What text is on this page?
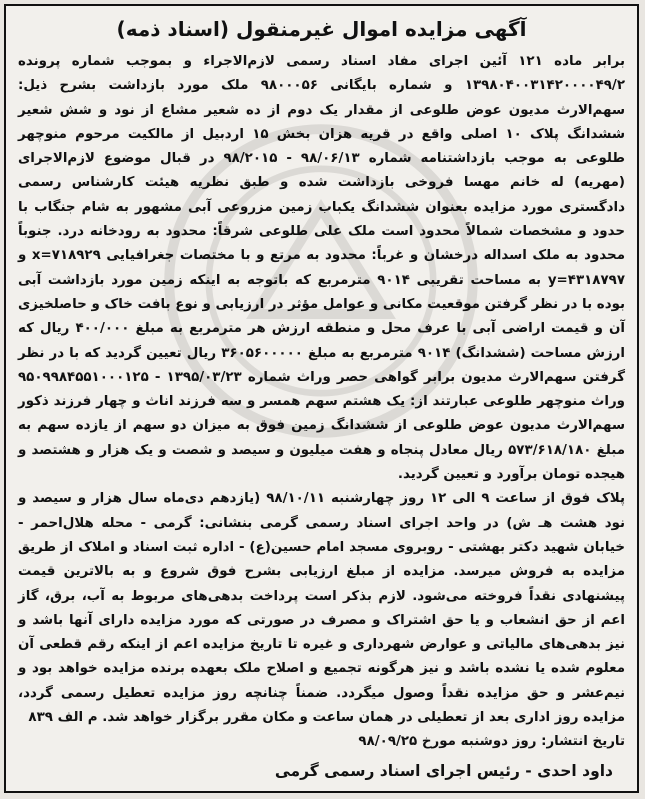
آگهی مزایده اموال غیرمنقول (اسناد ذمه)

برابر ماده ۱۲۱ آئین اجرای مفاد اسناد رسمی لازم‌الاجراء و بموجب شماره پرونده ۱۳۹۸۰۴۰۰۳۱۴۲۰۰۰۰۴۹/۲ و شماره بایگانی ۹۸۰۰۰۵۶ ملک مورد بازداشت بشرح ذیل: سهم‌الارث مدیون عوض طلوعی از مقدار یک دوم از ده شعیر مشاع از نود و شش شعیر ششدانگ پلاک ۱۰ اصلی واقع در قریه هزان بخش ۱۵ اردبیل از مالکیت مرحوم منوچهر طلوعی به موجب بازداشتنامه شماره ۹۸/۰۶/۱۳ - ۹۸/۲۰۱۵ در قبال موضوع لازم‌الاجرای (مهریه) له خانم مهسا فروخی بازداشت شده و طبق نظریه هیئت کارشناس رسمی دادگستری مورد مزایده بعنوان ششدانگ یکباب زمین مزروعی آبی مشهور به شام جنگاب با حدود و مشخصات شمالاً محدود است ملک علی طلوعی شرقاً: محدود به رودخانه درد. جنوباً محدود به ملک اسداله درخشان و غرباً: محدود به مرتع و با مختصات جغرافیایی x=۷۱۸۹۲۹ و y=۴۳۱۸۷۹۷ به مساحت تقریبی ۹۰۱۴ مترمربع که باتوجه به اینکه زمین مورد بازداشت آبی بوده با در نظر گرفتن موقعیت مکانی و عوامل مؤثر در ارزیابی و نوع بافت خاک و حاصلخیزی آن و قیمت اراضی آبی با عرف محل و منطقه ارزش هر مترمربع به مبلغ ۴۰۰/۰۰۰ ریال که ارزش مساحت (ششدانگ) ۹۰۱۴ مترمربع به مبلغ ۳۶۰۵۶۰۰۰۰۰ ریال تعیین گردید که با در نظر گرفتن سهم‌الارث مدیون برابر گواهی حصر وراث شماره ۱۳۹۵/۰۳/۲۳ - ۹۵۰۹۹۸۴۵۵۱۰۰۰۱۲۵ وراث منوچهر طلوعی عبارتند از: یک هشتم سهم همسر و سه فرزند اناث و چهار فرزند ذکور سهم‌الارث مدیون عوض طلوعی از ششدانگ زمین فوق به میزان دو سهم از یازده سهم به مبلغ ۵۷۳/۶۱۸/۱۸۰ ریال معادل پنجاه و هفت میلیون و سیصد و شصت و یک هزار و هشتصد و هیجده تومان برآورد و تعیین گردید.

پلاک فوق از ساعت ۹ الی ۱۲ روز چهارشنبه ۹۸/۱۰/۱۱ (یازدهم دی‌ماه سال هزار و سیصد و نود هشت هـ ش) در واحد اجرای اسناد رسمی گرمی بنشانی: گرمی - محله هلال‌احمر - خیابان شهید دکتر بهشتی - روبروی مسجد امام حسین(ع) - اداره ثبت اسناد و املاک از طریق مزایده به فروش میرسد. مزایده از مبلغ ارزیابی بشرح فوق شروع و به بالاترین قیمت پیشنهادی نقداً فروخته می‌شود. لازم بذکر است پرداخت بدهی‌های مربوط به آب، برق، گاز اعم از حق انشعاب و یا حق اشتراک و مصرف در صورتی که مورد مزایده دارای آنها باشد و نیز بدهی‌های مالیاتی و عوارض شهرداری و غیره تا تاریخ مزایده اعم از اینکه رقم قطعی آن معلوم شده یا نشده باشد و نیز هرگونه تجمیع و اصلاح ملک بعهده برنده مزایده خواهد بود و نیم‌عشر و حق مزایده نقداً وصول میگردد. ضمناً چنانچه روز مزایده تعطیل رسمی گردد، مزایده روز اداری بعد از تعطیلی در همان ساعت و مکان مقرر برگزار خواهد شد. م الف ۸۳۹

تاریخ انتشار: روز دوشنبه مورخ ۹۸/۰۹/۲۵

داود احدی - رئیس اجرای اسناد رسمی گرمی
